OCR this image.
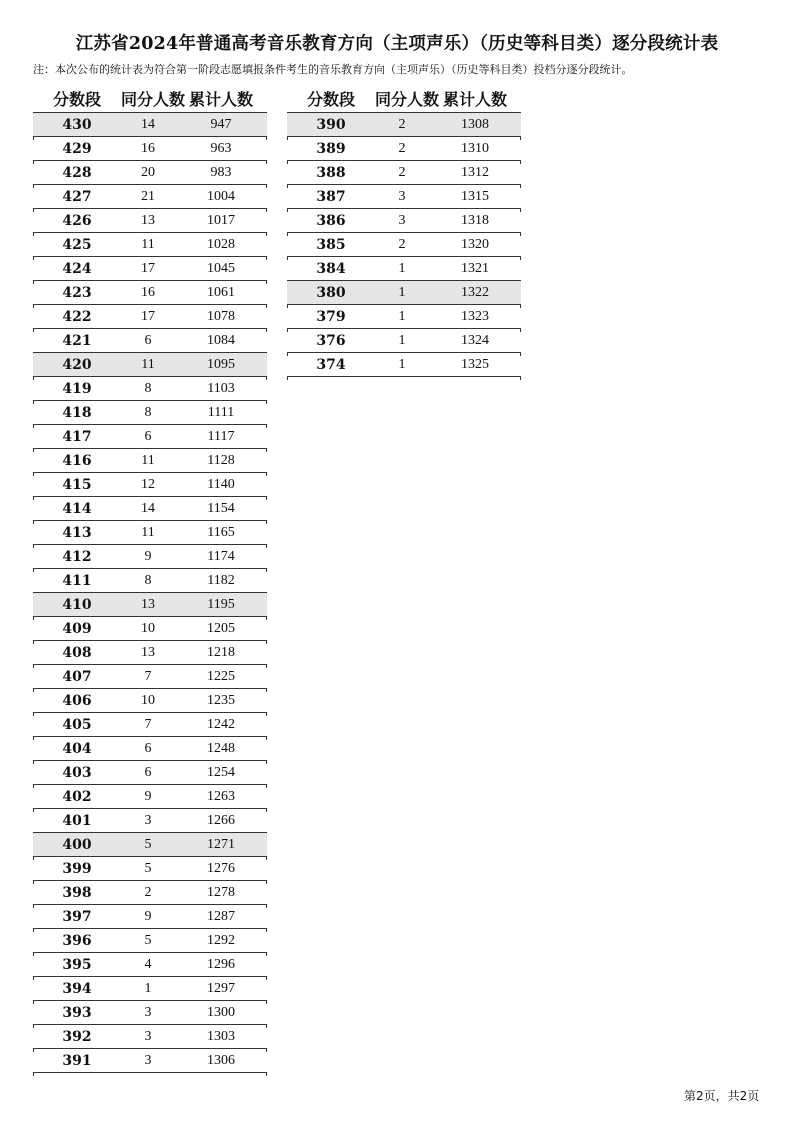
江苏省2024年普通高考音乐教育方向（主项声乐）（历史等科目类）逐分段统计表
注：本次公布的统计表为符合第一阶段志愿填报条件考生的音乐教育方向（主项声乐）（历史等科目类）投档分逐分段统计。
分数段	同分人数 累计人数
430	14	947
429	16	963
428	20	983
427	21	1004
426	13	1017
425	11	1028
424	17	1045
423	16	1061
422	17	1078
421	6	1084
420	11	1095
419	8	1103
418	8	1111
417	6	1117
416	11	1128
415	12	1140
414	14	1154
413	11	1165
412	9	1174
411	8	1182
410	13	1195
409	10	1205
408	13	1218
407	7	1225
406	10	1235
405	7	1242
404	6	1248
403	6	1254
402	9	1263
401	3	1266
400	5	1271
399	5	1276
398	2	1278
397	9	1287
396	5	1292
395	4	1296
394	1	1297
393	3	1300
392	3	1303
391	3	1306
分数段	同分人数 累计人数
390	2	1308
389	2	1310
388	2	1312
387	3	1315
386	3	1318
385	2	1320
384	1	1321
380	1	1322
379	1	1323
376	1	1324
374	1	1325
第2页，共2页
